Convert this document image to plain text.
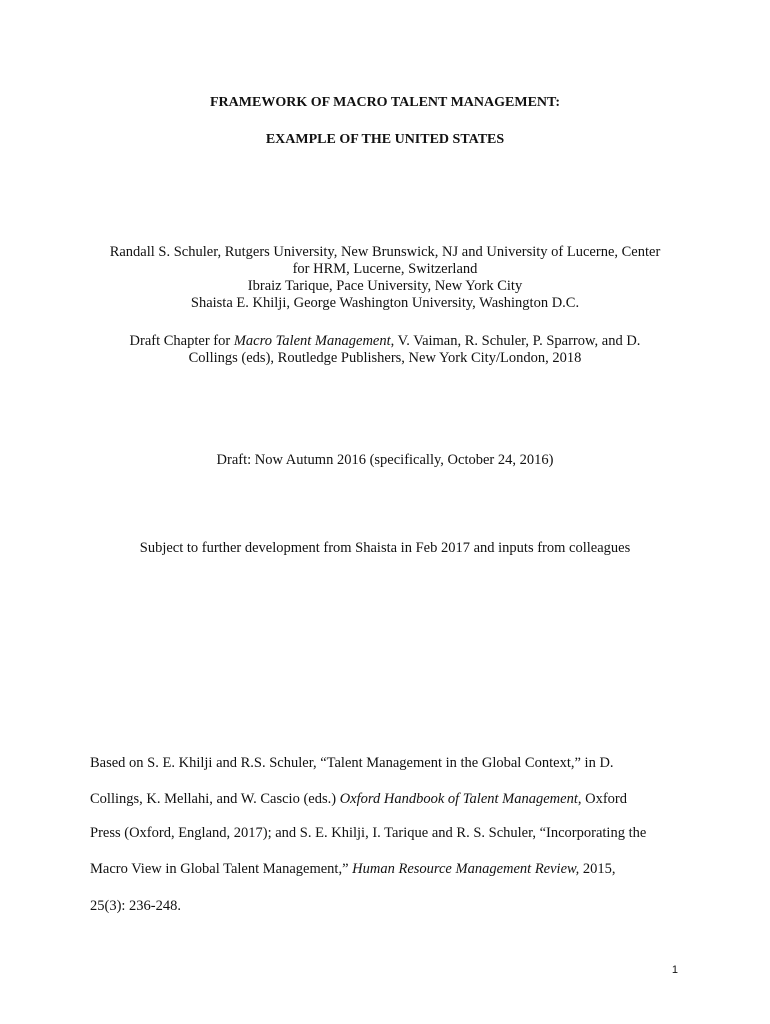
FRAMEWORK OF MACRO TALENT MANAGEMENT:
EXAMPLE OF THE UNITED STATES
Randall S. Schuler, Rutgers University, New Brunswick, NJ and University of Lucerne, Center
for HRM, Lucerne, Switzerland
Ibraiz Tarique, Pace University, New York City
Shaista E. Khilji, George Washington University, Washington D.C.
Draft Chapter for Macro Talent Management, V. Vaiman, R. Schuler, P. Sparrow, and D.
Collings (eds), Routledge Publishers, New York City/London, 2018
Draft: Now Autumn 2016 (specifically, October 24, 2016)
Subject to further development from Shaista in Feb 2017 and inputs from colleagues
Based on S. E. Khilji and R.S. Schuler, “Talent Management in the Global Context,” in D.
Collings, K. Mellahi, and W. Cascio (eds.) Oxford Handbook of Talent Management, Oxford
Press (Oxford, England, 2017); and S. E. Khilji, I. Tarique and R. S. Schuler, “Incorporating the
Macro View in Global Talent Management,” Human Resource Management Review, 2015,
25(3): 236-248.
1
